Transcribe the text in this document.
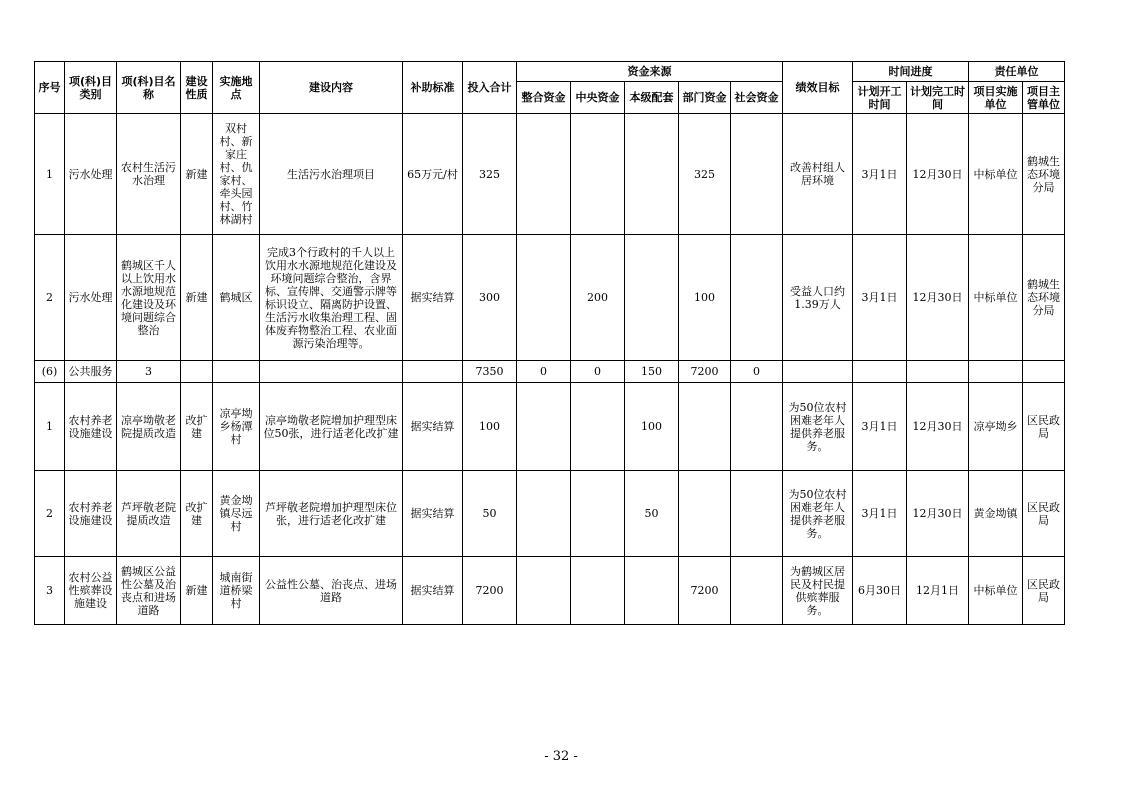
序号	项(科)目类别	项(科)目名称	建设性质	实施地点	建设内容	补助标准	投入合计	资金来源					绩效目标	时间进度		责任单位	
								整合资金	中央资金	本级配套	部门资金	社会资金		计划开工时间	计划完工时间	项目实施单位	项目主管单位
1	污水处理	农村生活污水治理	新建	双村村、新家庄村、仇家村、牵头园村、竹林湖村	生活污水治理项目	65万元/村	325				325		改善村组人居环境	3月1日	12月30日	中标单位	鹤城生态环境分局
2	污水处理	鹤城区千人以上饮用水水源地规范化建设及环境问题综合整治	新建	鹤城区	完成3个行政村的千人以上饮用水水源地规范化建设及环境问题综合整治，含界标、宣传牌、交通警示牌等标识设立、隔离防护设置、生活污水收集治理工程、固体废弃物整治工程、农业面源污染治理等。	据实结算	300		200		100		受益人口约1.39万人	3月1日	12月30日	中标单位	鹤城生态环境分局
(6)	公共服务	3					7350	0	0	150	7200	0					
1	农村养老设施建设	凉亭坳敬老院提质改造	改扩建	凉亭坳乡杨潭村	凉亭坳敬老院增加护理型床位50张，进行适老化改扩建	据实结算	100			100			为50位农村困难老年人提供养老服务。	3月1日	12月30日	凉亭坳乡	区民政局
2	农村养老设施建设	芦坪敬老院提质改造	改扩建	黄金坳镇尽远村	芦坪敬老院增加护理型床位张，进行适老化改扩建	据实结算	50			50			为50位农村困难老年人提供养老服务。	3月1日	12月30日	黄金坳镇	区民政局
3	农村公益性殡葬设施建设	鹤城区公益性公墓及治丧点和进场道路	新建	城南街道桥梁村	公益性公墓、治丧点、进场道路	据实结算	7200				7200		为鹤城区居民及村民提供殡葬服务。	6月30日	12月1日	中标单位	区民政局
- 32 -
